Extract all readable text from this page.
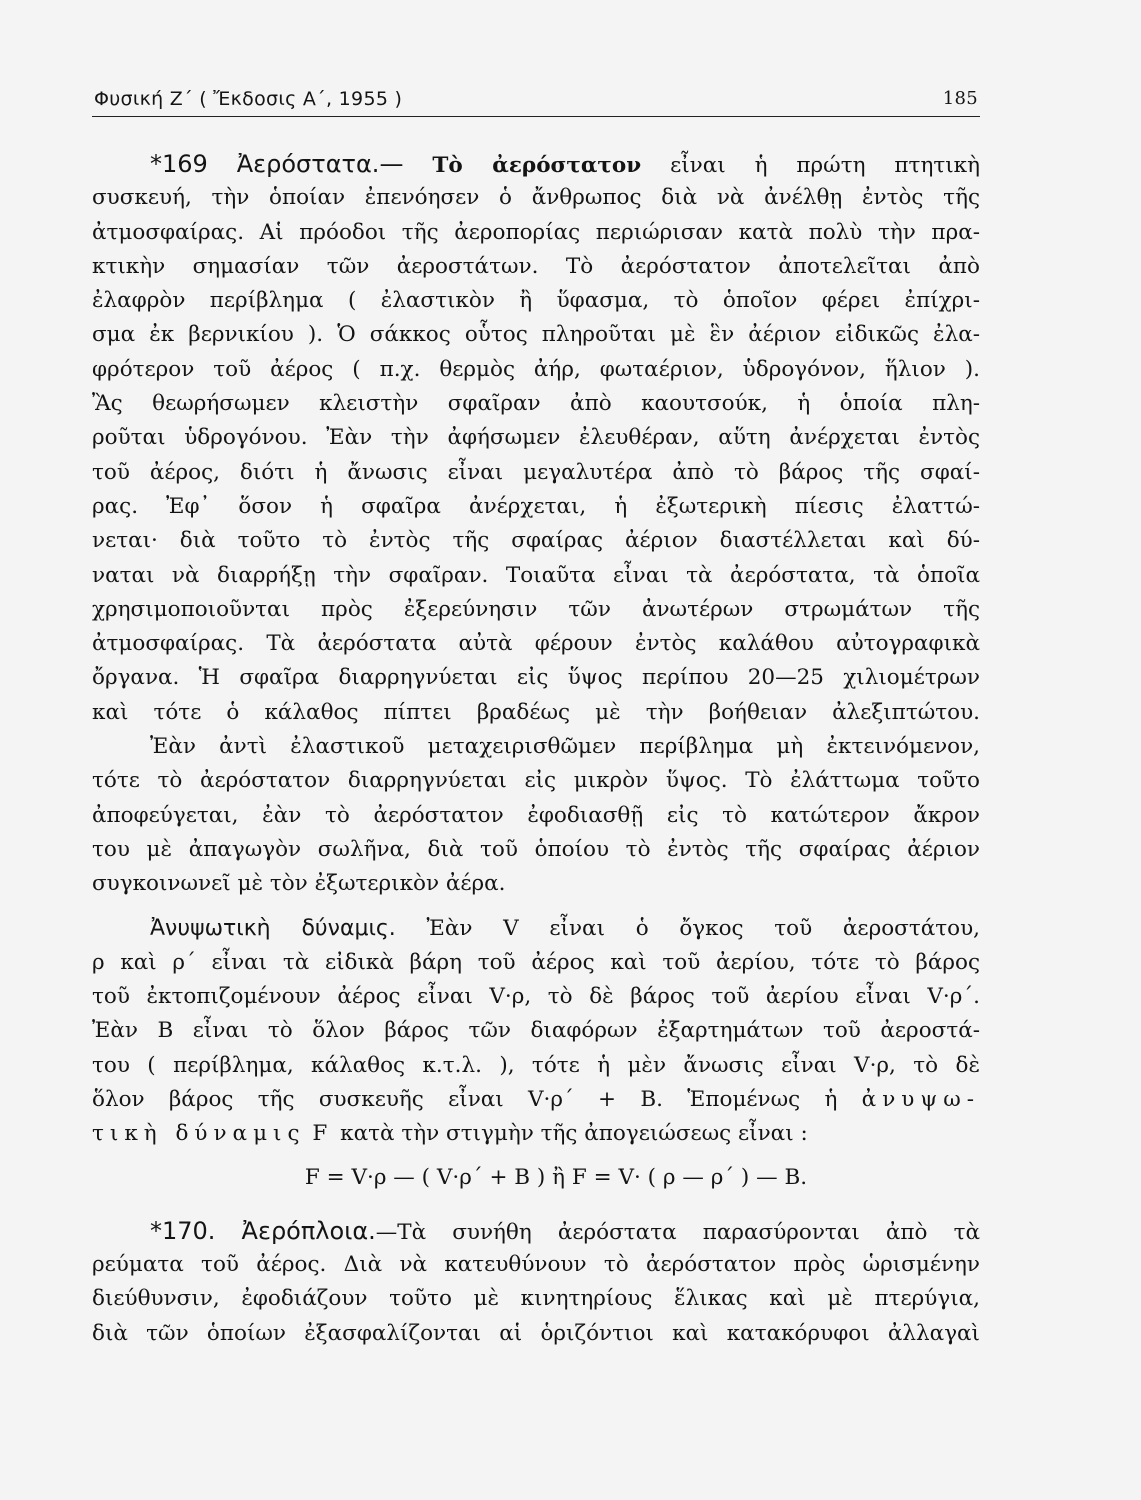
Φυσική Ζ΄ ( Ἔκδοσις Α΄, 1955 )	185
*169 Ἀερόστατα.— Τὸ ἀερόστατον εἶναι ἡ πρώτη πτητικὴ
συσκευή, τὴν ὁποίαν ἐπενόησεν ὁ ἄνθρωπος διὰ νὰ ἀνέλθῃ ἐντὸς τῆς
ἀτμοσφαίρας. Αἱ πρόοδοι τῆς ἀεροπορίας περιώρισαν κατὰ πολὺ τὴν πρα-
κτικὴν σημασίαν τῶν ἀεροστάτων. Τὸ ἀερόστατον ἀποτελεῖται ἀπὸ
ἐλαφρὸν περίβλημα ( ἐλαστικὸν ἢ ὕφασμα, τὸ ὁποῖον φέρει ἐπίχρι-
σμα ἐκ βερνικίου ). Ὁ σάκκος οὗτος πληροῦται μὲ ἓν ἀέριον εἰδικῶς ἐλα-
φρότερον τοῦ ἀέρος ( π.χ. θερμὸς ἀήρ, φωταέριον, ὑδρογόνον, ἥλιον ).
Ἂς θεωρήσωμεν κλειστὴν σφαῖραν ἀπὸ καουτσούκ, ἡ ὁποία πλη-
ροῦται ὑδρογόνου. Ἐὰν τὴν ἀφήσωμεν ἐλευθέραν, αὕτη ἀνέρχεται ἐντὸς
τοῦ ἀέρος, διότι ἡ ἄνωσις εἶναι μεγαλυτέρα ἀπὸ τὸ βάρος τῆς σφαί-
ρας. Ἐφ᾽ ὅσον ἡ σφαῖρα ἀνέρχεται, ἡ ἐξωτερικὴ πίεσις ἐλαττώ-
νεται· διὰ τοῦτο τὸ ἐντὸς τῆς σφαίρας ἀέριον διαστέλλεται καὶ δύ-
ναται νὰ διαρρήξῃ τὴν σφαῖραν. Τοιαῦτα εἶναι τὰ ἀερόστατα, τὰ ὁποῖα
χρησιμοποιοῦνται πρὸς ἐξερεύνησιν τῶν ἀνωτέρων στρωμάτων τῆς
ἀτμοσφαίρας. Τὰ ἀερόστατα αὐτὰ φέρουν ἐντὸς καλάθου αὐτογραφικὰ
ὄργανα. Ἡ σφαῖρα διαρρηγνύεται εἰς ὕψος περίπου 20—25 χιλιομέτρων
καὶ τότε ὁ κάλαθος πίπτει βραδέως μὲ τὴν βοήθειαν ἀλεξιπτώτου.
Ἐὰν ἀντὶ ἐλαστικοῦ μεταχειρισθῶμεν περίβλημα μὴ ἐκτεινόμενον,
τότε τὸ ἀερόστατον διαρρηγνύεται εἰς μικρὸν ὕψος. Τὸ ἐλάττωμα τοῦτο
ἀποφεύγεται, ἐὰν τὸ ἀερόστατον ἐφοδιασθῇ εἰς τὸ κατώτερον ἄκρον
του μὲ ἀπαγωγὸν σωλῆνα, διὰ τοῦ ὁποίου τὸ ἐντὸς τῆς σφαίρας ἀέριον
συγκοινωνεῖ μὲ τὸν ἐξωτερικὸν ἀέρα.
Ἀνυψωτικὴ δύναμις. Ἐὰν V εἶναι ὁ ὄγκος τοῦ ἀεροστάτου,
ρ καὶ ρ΄ εἶναι τὰ εἰδικὰ βάρη τοῦ ἀέρος καὶ τοῦ ἀερίου, τότε τὸ βάρος
τοῦ ἐκτοπιζομένουν ἀέρος εἶναι V·ρ, τὸ δὲ βάρος τοῦ ἀερίου εἶναι V·ρ΄.
Ἐὰν B εἶναι τὸ ὅλον βάρος τῶν διαφόρων ἐξαρτημάτων τοῦ ἀεροστά-
του ( περίβλημα, κάλαθος κ.τ.λ. ), τότε ἡ μὲν ἄνωσις εἶναι V·ρ, τὸ δὲ
ὅλον βάρος τῆς συσκευῆς εἶναι V·ρ΄ + B. Ἑπομένως ἡ ἀνυψω-
τικὴ δύναμις F κατὰ τὴν στιγμὴν τῆς ἀπογειώσεως εἶναι :
F = V·ρ — ( V·ρ΄ + B ) ἢ F = V· ( ρ — ρ΄ ) — B.
*170. Ἀερόπλοια.—Τὰ συνήθη ἀερόστατα παρασύρονται ἀπὸ τὰ
ρεύματα τοῦ ἀέρος. Διὰ νὰ κατευθύνουν τὸ ἀερόστατον πρὸς ὡρισμένην
διεύθυνσιν, ἐφοδιάζουν τοῦτο μὲ κινητηρίους ἕλικας καὶ μὲ πτερύγια,
διὰ τῶν ὁποίων ἐξασφαλίζονται αἱ ὁριζόντιοι καὶ κατακόρυφοι ἀλλαγαὶ
